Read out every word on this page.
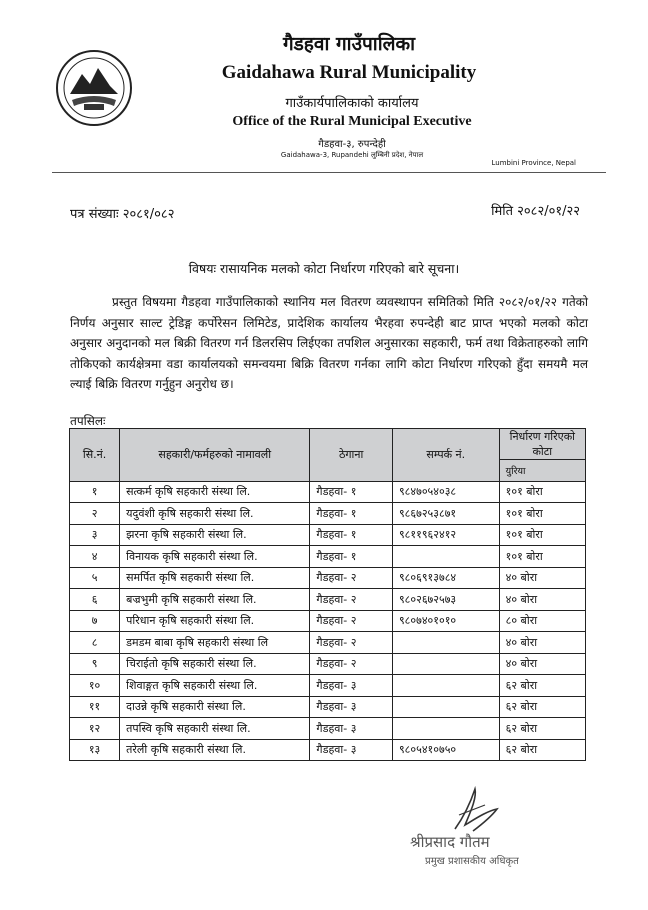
गैडहवा गाउँपालिका
Gaidahawa Rural Municipality
गाउँकार्यपालिकाको कार्यालय
Office of the Rural Municipal Executive
गैडहवा-३, रुपन्देही
Gaidahawa-3, Rupandehi लुम्बिनी प्रदेश, नेपाल
Lumbini Province, Nepal
पत्र संख्याः २०८१/०८२	मिति २०८२/०१/२२
विषयः रासायनिक मलको कोटा निर्धारण गरिएको बारे सूचना।
प्रस्तुत विषयमा गैडहवा गाउँपालिकाको स्थानिय मल वितरण व्यवस्थापन समितिको मिति २०८२/०१/२२ गतेको निर्णय अनुसार साल्ट ट्रेडिङ्ग कर्पोरेसन लिमिटेड, प्रादेशिक कार्यालय भैरहवा रुपन्देही बाट प्राप्त भएको मलको कोटा अनुसार अनुदानको मल बिक्री वितरण गर्न डिलरसिप लिईएका तपशिल अनुसारका सहकारी, फर्म तथा विक्रेताहरुको लागि तोकिएको कार्यक्षेत्रमा वडा कार्यालयको समन्वयमा बिक्रि वितरण गर्नका लागि कोटा निर्धारण गरिएको हुँदा समयमै मल ल्याई बिक्रि वितरण गर्नुहुन अनुरोध छ।
तपसिलः
सि.नं.	सहकारी/फर्महरुको नामावली	ठेगाना	सम्पर्क नं.	निर्धारण गरिएको कोटा
				युरिया
१	सत्कर्म कृषि सहकारी संस्था लि.	गैडहवा- १	९८४७०५४०३८	१०१ बोरा
२	यदुवंशी कृषि सहकारी संस्था लि.	गैडहवा- १	९८६७२५३८७१	१०१ बोरा
३	झरना कृषि सहकारी संस्था लि.	गैडहवा- १	९८११९६२४१२	१०१ बोरा
४	विनायक कृषि सहकारी संस्था लि.	गैडहवा- १		१०१ बोरा
५	समर्पित कृषि सहकारी संस्था लि.	गैडहवा- २	९८०६९१३७८४	४० बोरा
६	बज्रभुमी कृषि सहकारी संस्था लि.	गैडहवा- २	९८०२६७२५७३	४० बोरा
७	परिधान कृषि सहकारी संस्था लि.	गैडहवा- २	९८०७४०१०१०	८० बोरा
८	डमडम बाबा कृषि सहकारी संस्था लि	गैडहवा- २		४० बोरा
९	चिराईतो कृषि सहकारी संस्था लि.	गैडहवा- २		४० बोरा
१०	शिवाङ्गत कृषि सहकारी संस्था लि.	गैडहवा- ३		६२ बोरा
११	दाउन्ने कृषि सहकारी संस्था लि.	गैडहवा- ३		६२ बोरा
१२	तपस्वि कृषि सहकारी संस्था लि.	गैडहवा- ३		६२ बोरा
१३	तरेली कृषि सहकारी संस्था लि.	गैडहवा- ३	९८०५४१०७५०	६२ बोरा
श्रीप्रसाद गौतम
प्रमुख प्रशासकीय अधिकृत
